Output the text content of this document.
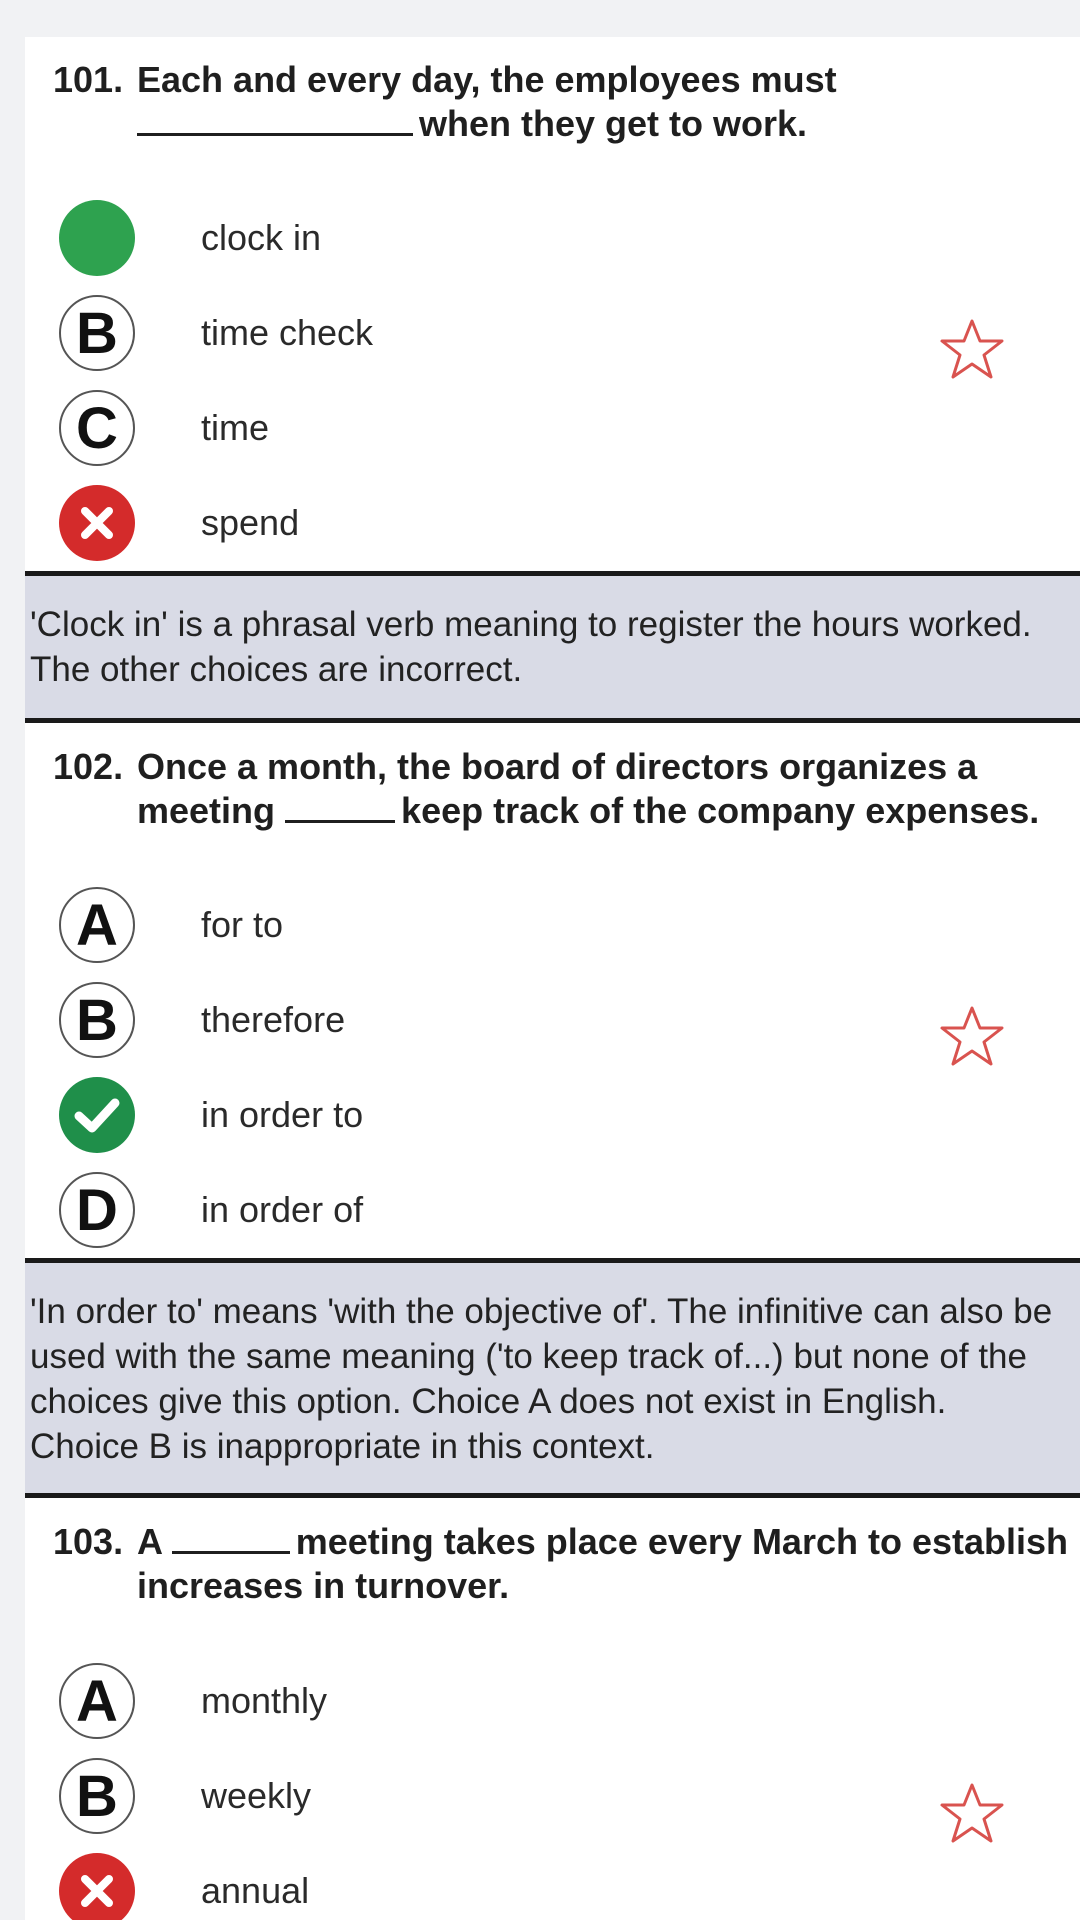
101. Each and every day, the employees must
when they get to work.
clock in
B	time check
C	time
spend
'Clock in' is a phrasal verb meaning to register the hours worked. The other choices are incorrect.
102. Once a month, the board of directors organizes a
meeting	keep track of the company expenses.
A	for to
B	therefore
in order to
D	in order of
'In order to' means 'with the objective of'. The infinitive can also be used with the same meaning ('to keep track of...) but none of the choices give this option. Choice A does not exist in English. Choice B is inappropriate in this context.
103. A	meeting takes place every March to establish
increases in turnover.
A	monthly
B	weekly
annual
